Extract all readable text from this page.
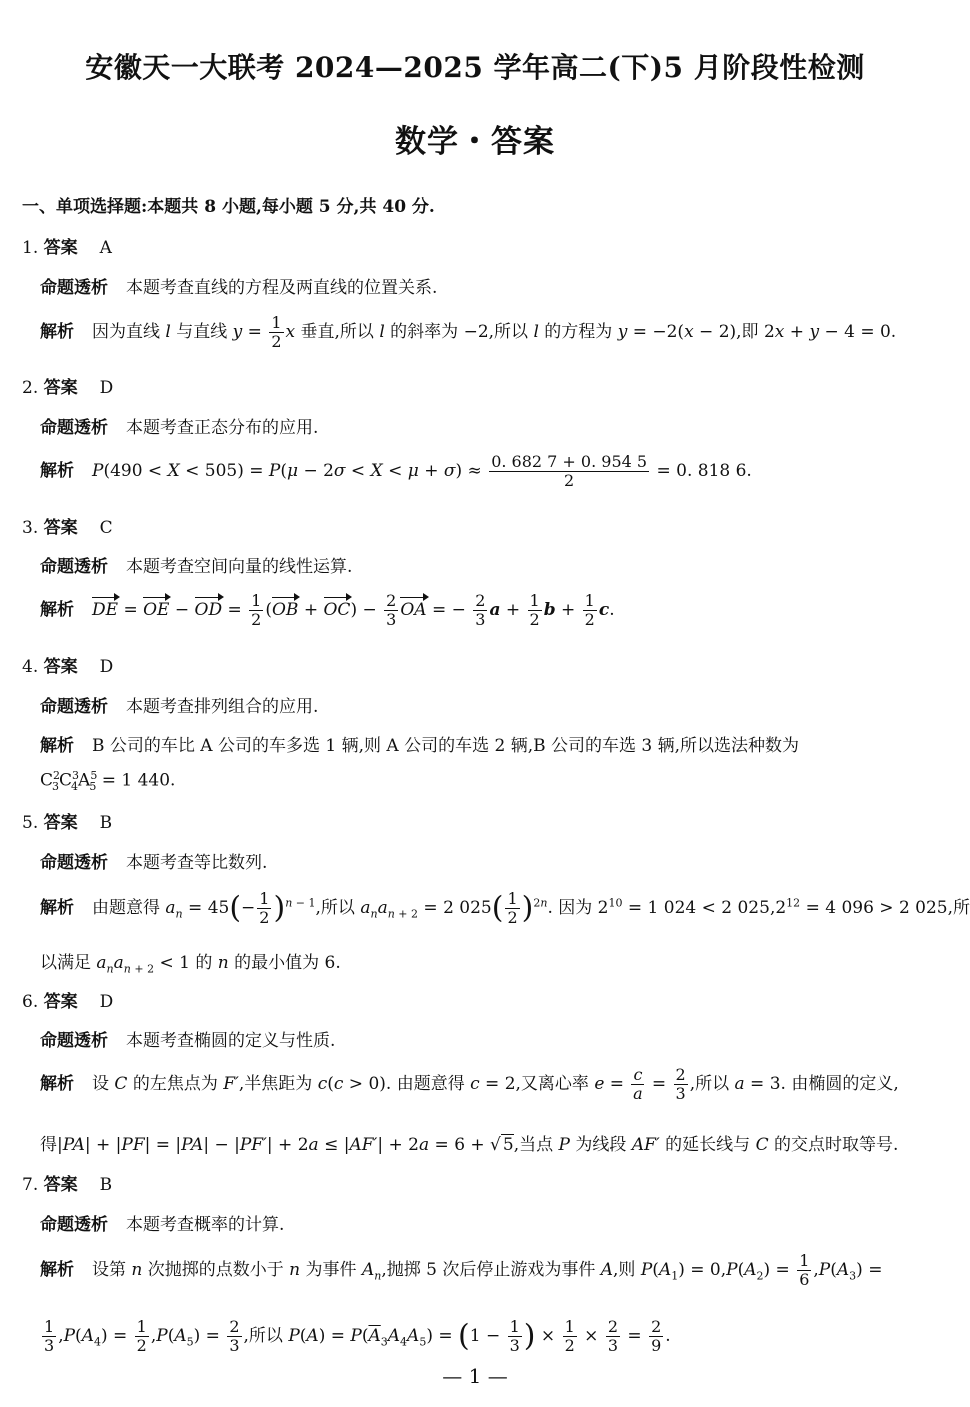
安徽天一大联考 2024—2025 学年高二(下)5 月阶段性检测
数学・答案
一、单项选择题:本题共 8 小题,每小题 5 分,共 40 分.
1. 答案 A
命题透析 本题考查直线的方程及两直线的位置关系.
解析 因为直线 l 与直线 $y = \frac{1}{2}$ x 垂直,所以 l 的斜率为 −2,所以 l 的方程为 y = −2(x − 2),即 2x + y − 4 = 0.
2. 答案 D
命题透析 本题考查正态分布的应用.
解析 $P(490 < X < 505) = P(\mu - 2\sigma < X < \mu + \sigma) \approx \frac{0. 682 7 + 0. 954 5}{2} = 0$. 818 6.
3. 答案 C
命题透析 本题考查空间向量的线性运算.
解析 DE = OE − OD = $\frac{1}{2} (OB + OC) - \frac{2}{3}$ OA = − $\frac{2}{3}$ $a + \frac{1}{2}$ $b + \frac{1}{2} c$.
4. 答案 D
命题透析 本题考查排列组合的应用.
解析 B 公司的车比 A 公司的车多选 1 辆,则 A 公司的车选 2 辆,B 公司的车选 3 辆,所以选法种数为
$C^2_3C^3_4A^5_5 = 1$ 440.
5. 答案 B
命题透析 本题考查等比数列.
解析 由题意得 $a_n = 45(- \frac{1}{2} )^{n - 1}$,所以 $a_na_{n + 2} = 2$ $025( \frac{1}{2} )^{2n}$. 因为 $2^{10} = 1$ 024 < 2 $025,2^{12} = 4$ 096 > 2 025,所
以满足 $a_na_{n + 2} < 1$ 的 n 的最小值为 6.
6. 答案 D
命题透析 本题考查椭圆的定义与性质.
解析 设 C 的左焦点为 F′,半焦距为 c(c > 0). 由题意得 c = 2,又离心率 $e = \frac{c}{a} = \frac{2}{3}$ ,所以 a = 3. 由椭圆的定义,
得|PA| + |PF| = |PA| − |PF′| + 2a ≤ |AF′| + 2a = 6 + √ 5,当点 P 为线段 AF′ 的延长线与 C 的交点时取等号.
7. 答案 B
命题透析 本题考查概率的计算.
解析 设第 n 次抛掷的点数小于 n 为事件 $A_n$,抛掷 5 次后停止游戏为事件 A,则 $P(A_1) = 0,P(A_2) = \frac{1}{6} ,P(A_3)$ =
$\frac{1}{3} ,P(A_4) = \frac{1}{2} ,P(A_5) = \frac{2}{3}$ ,所以 $P(A) = P(\overline{A}_3A_4A_5) = (1 - \frac{1}{3}$ ) × $\frac{1}{2} \times \frac{2}{3} = \frac{2}{9}$ .
— 1 —
